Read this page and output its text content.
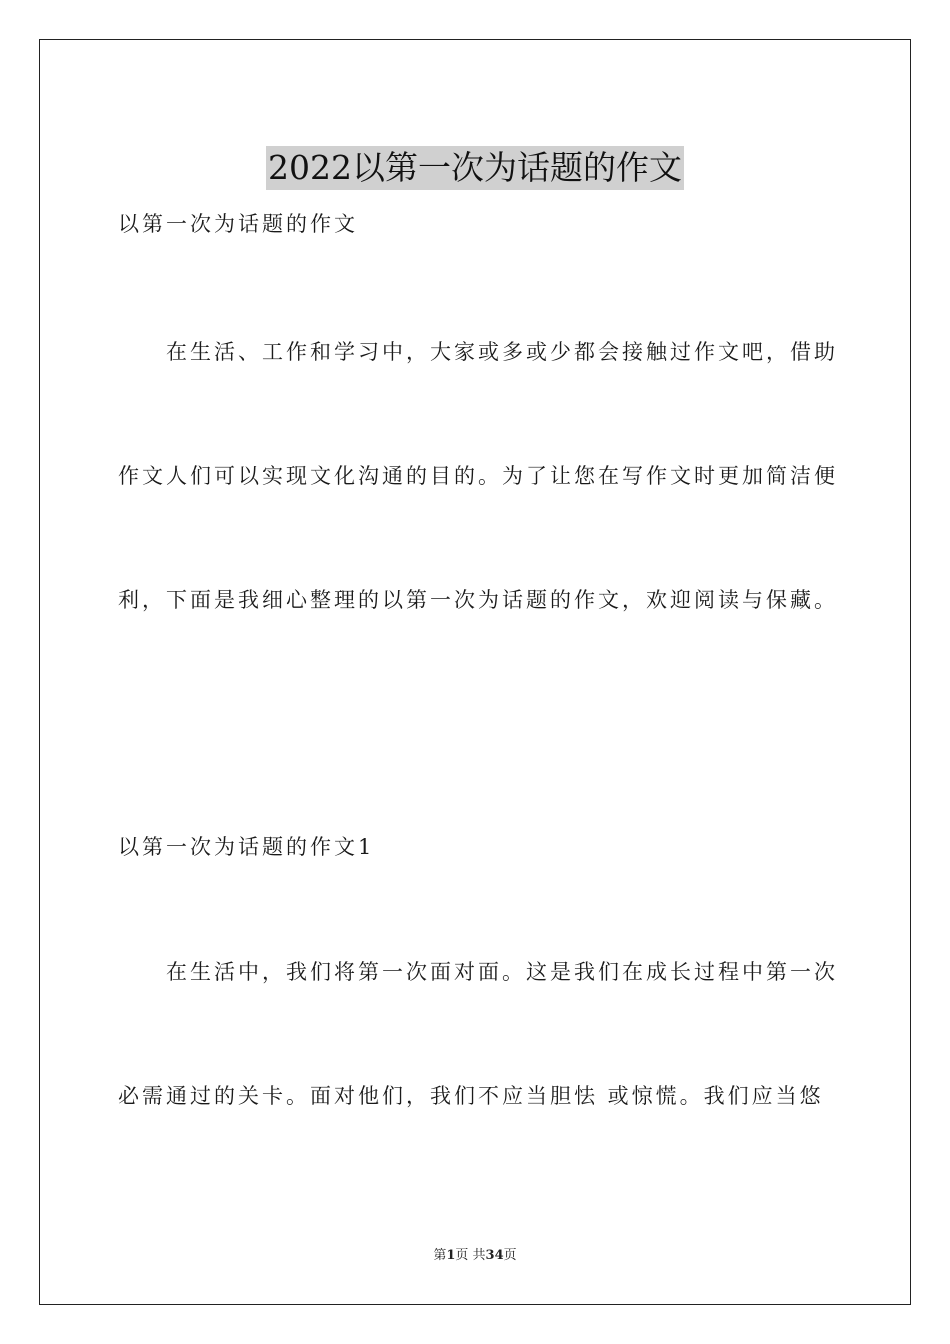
2022以第一次为话题的作文
以第一次为话题的作文
在生活、工作和学习中，大家或多或少都会接触过作文吧，借助
作文人们可以实现文化沟通的目的。为了让您在写作文时更加简洁便
利，下面是我细心整理的以第一次为话题的作文，欢迎阅读与保藏。
以第一次为话题的作文1
在生活中，我们将第一次面对面。这是我们在成长过程中第一次
必需通过的关卡。面对他们，我们不应当胆怯 或惊慌。我们应当悠
第1页 共34页
